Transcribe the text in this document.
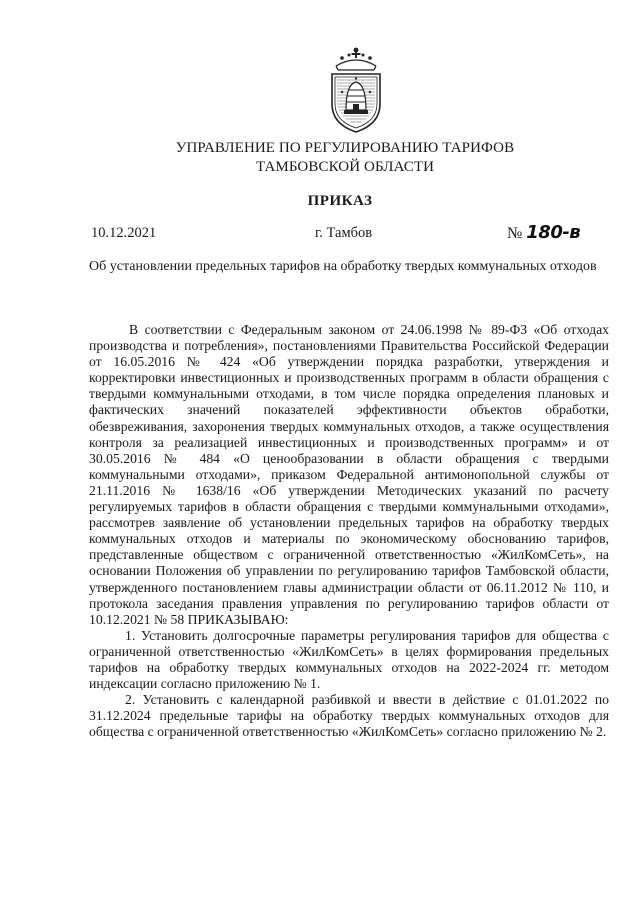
УПРАВЛЕНИЕ ПО РЕГУЛИРОВАНИЮ ТАРИФОВ
ТАМБОВСКОЙ ОБЛАСТИ
ПРИКАЗ
10.12.2021	г. Тамбов	№ 180-в
Об установлении предельных тарифов на обработку твердых коммунальных отходов

В соответствии с Федеральным законом от 24.06.1998 № 89-ФЗ «Об отходах производства и потребления», постановлениями Правительства Российской Федерации от 16.05.2016 № 424 «Об утверждении порядка разработки, утверждения и корректировки инвестиционных и производственных программ в области обращения с твердыми коммунальными отходами, в том числе порядка определения плановых и фактических значений показателей эффективности объектов обработки, обезвреживания, захоронения твердых коммунальных отходов, а также осуществления контроля за реализацией инвестиционных и производственных программ» и от 30.05.2016 № 484 «О ценообразовании в области обращения с твердыми коммунальными отходами», приказом Федеральной антимонопольной службы от 21.11.2016 № 1638/16 «Об утверждении Методических указаний по расчету регулируемых тарифов в области обращения с твердыми коммунальными отходами», рассмотрев заявление об установлении предельных тарифов на обработку твердых коммунальных отходов и материалы по экономическому обоснованию тарифов, представленные обществом с ограниченной ответственностью «ЖилКомСеть», на основании Положения об управлении по регулированию тарифов Тамбовской области, утвержденного постановлением главы администрации области от 06.11.2012 № 110, и протокола заседания правления управления по регулированию тарифов области от 10.12.2021 № 58 ПРИКАЗЫВАЮ:

1. Установить долгосрочные параметры регулирования тарифов для общества с ограниченной ответственностью «ЖилКомСеть» в целях формирования предельных тарифов на обработку твердых коммунальных отходов на 2022-2024 гг. методом индексации согласно приложению № 1.

2. Установить с календарной разбивкой и ввести в действие с 01.01.2022 по 31.12.2024 предельные тарифы на обработку твердых коммунальных отходов для общества с ограниченной ответственностью «ЖилКомСеть» согласно приложению № 2.
